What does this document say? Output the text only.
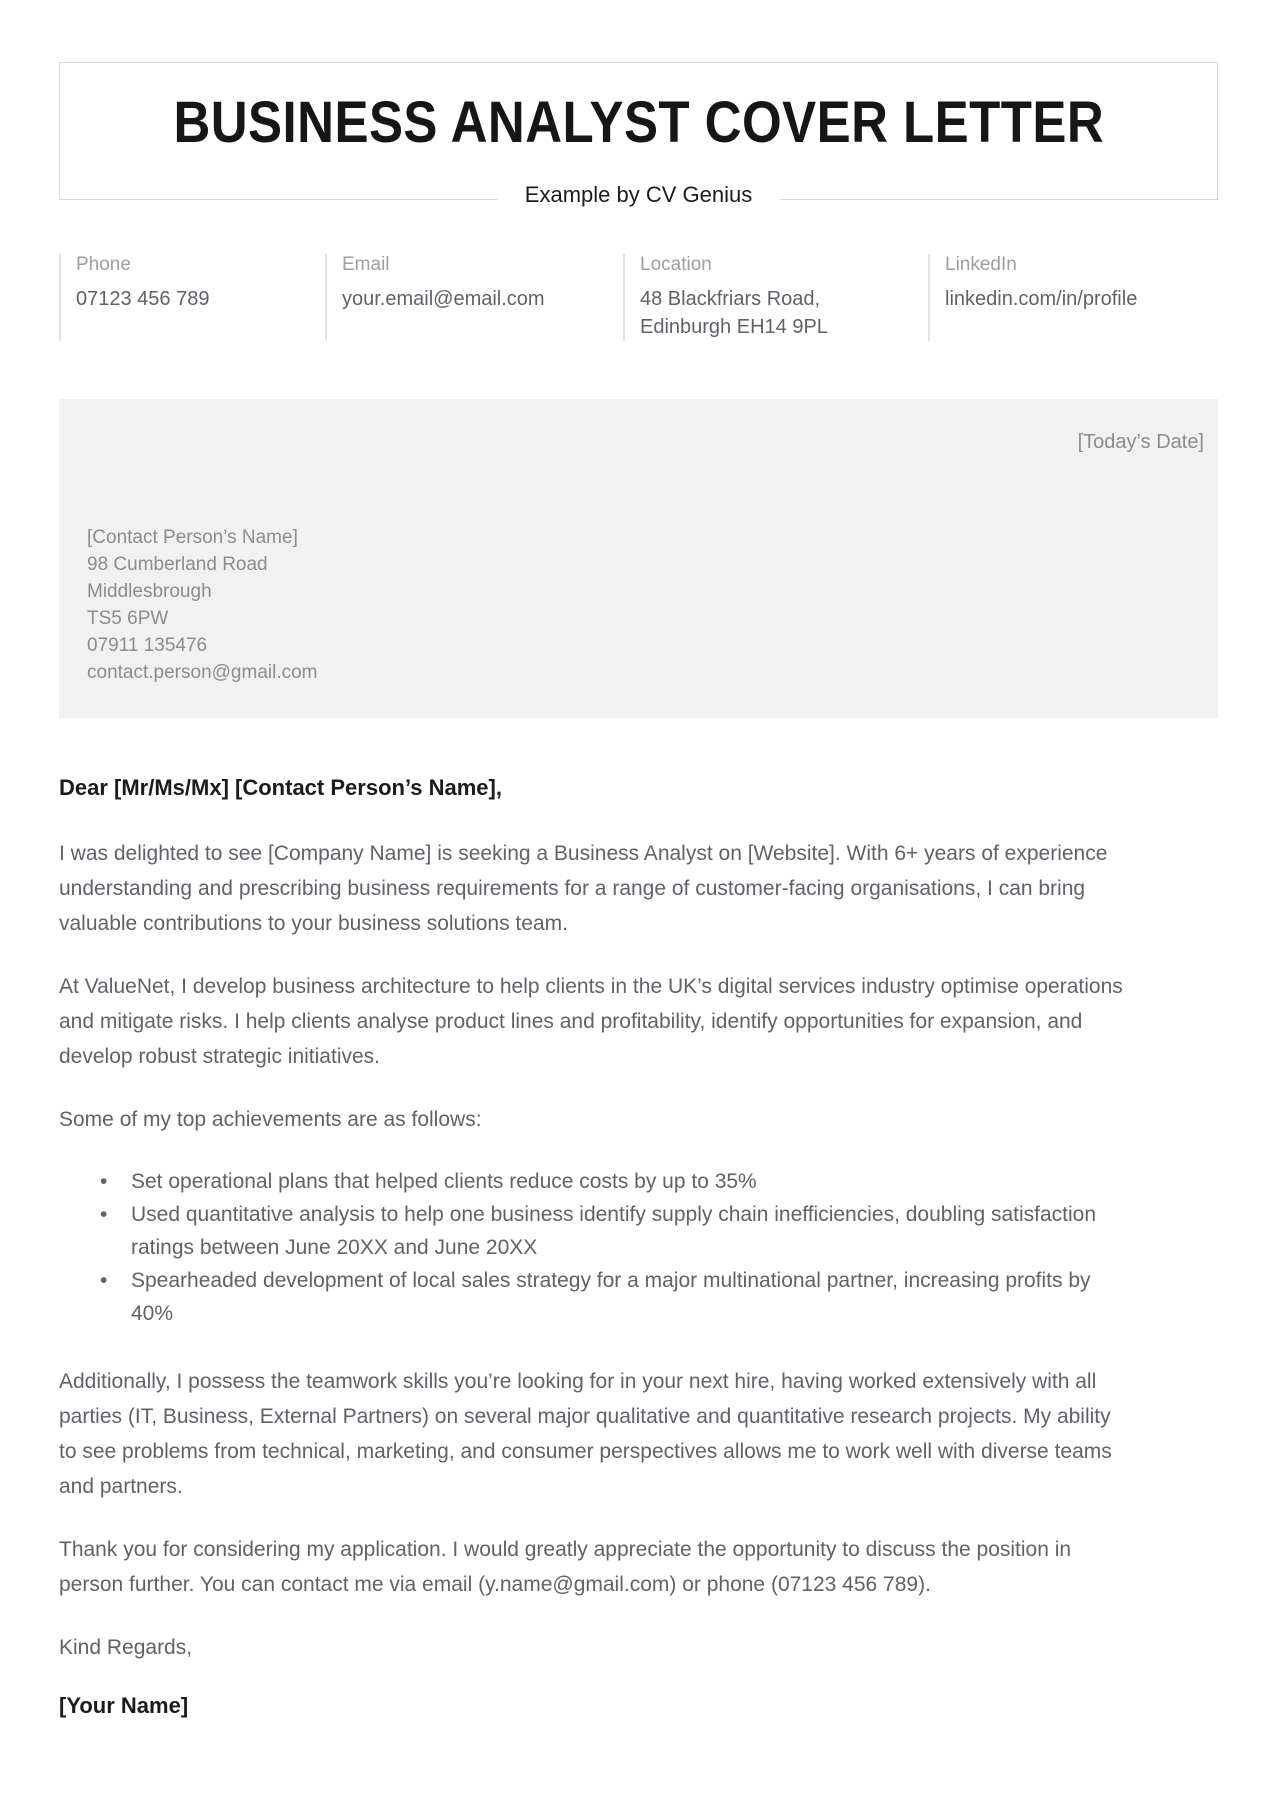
BUSINESS ANALYST COVER LETTER
Example by CV Genius
Phone
07123 456 789
Email
your.email@email.com
Location
48 Blackfriars Road,
Edinburgh EH14 9PL
LinkedIn
linkedin.com/in/profile
[Today’s Date]
[Contact Person’s Name]
98 Cumberland Road
Middlesbrough
TS5 6PW
07911 135476
contact.person@gmail.com

Dear [Mr/Ms/Mx] [Contact Person’s Name],

I was delighted to see [Company Name] is seeking a Business Analyst on [Website]. With 6+ years of experience understanding and prescribing business requirements for a range of customer-facing organisations, I can bring valuable contributions to your business solutions team.

At ValueNet, I develop business architecture to help clients in the UK’s digital services industry optimise operations and mitigate risks. I help clients analyse product lines and profitability, identify opportunities for expansion, and develop robust strategic initiatives.

Some of my top achievements are as follows:

• Set operational plans that helped clients reduce costs by up to 35%
• Used quantitative analysis to help one business identify supply chain inefficiencies, doubling satisfaction ratings between June 20XX and June 20XX
• Spearheaded development of local sales strategy for a major multinational partner, increasing profits by 40%

Additionally, I possess the teamwork skills you’re looking for in your next hire, having worked extensively with all parties (IT, Business, External Partners) on several major qualitative and quantitative research projects. My ability to see problems from technical, marketing, and consumer perspectives allows me to work well with diverse teams and partners.

Thank you for considering my application. I would greatly appreciate the opportunity to discuss the position in person further. You can contact me via email (y.name@gmail.com) or phone (07123 456 789).

Kind Regards,

[Your Name]
